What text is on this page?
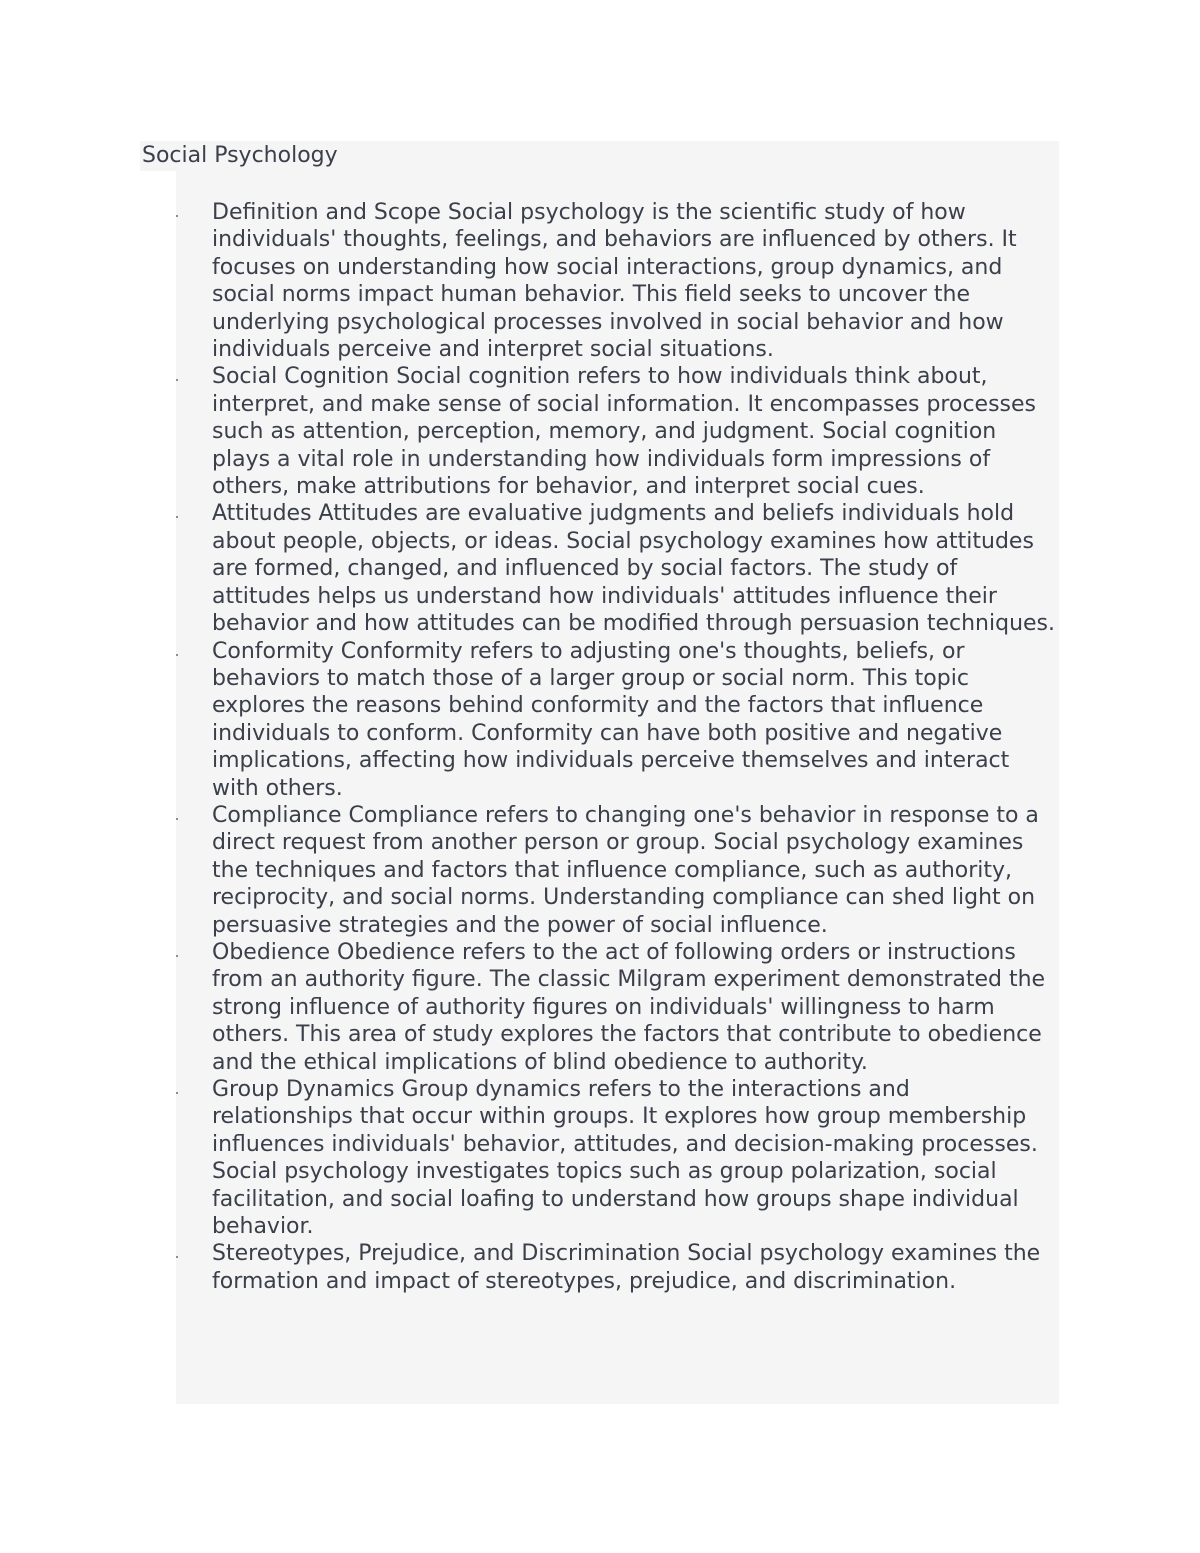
Social Psychology
Definition and Scope Social psychology is the scientific study of how individuals' thoughts, feelings, and behaviors are influenced by others. It focuses on understanding how social interactions, group dynamics, and social norms impact human behavior. This field seeks to uncover the underlying psychological processes involved in social behavior and how individuals perceive and interpret social situations.
Social Cognition Social cognition refers to how individuals think about, interpret, and make sense of social information. It encompasses processes such as attention, perception, memory, and judgment. Social cognition plays a vital role in understanding how individuals form impressions of others, make attributions for behavior, and interpret social cues.
Attitudes Attitudes are evaluative judgments and beliefs individuals hold about people, objects, or ideas. Social psychology examines how attitudes are formed, changed, and influenced by social factors. The study of attitudes helps us understand how individuals' attitudes influence their behavior and how attitudes can be modified through persuasion techniques.
Conformity Conformity refers to adjusting one's thoughts, beliefs, or behaviors to match those of a larger group or social norm. This topic explores the reasons behind conformity and the factors that influence individuals to conform. Conformity can have both positive and negative implications, affecting how individuals perceive themselves and interact with others.
Compliance Compliance refers to changing one's behavior in response to a direct request from another person or group. Social psychology examines the techniques and factors that influence compliance, such as authority, reciprocity, and social norms. Understanding compliance can shed light on persuasive strategies and the power of social influence.
Obedience Obedience refers to the act of following orders or instructions from an authority figure. The classic Milgram experiment demonstrated the strong influence of authority figures on individuals' willingness to harm others. This area of study explores the factors that contribute to obedience and the ethical implications of blind obedience to authority.
Group Dynamics Group dynamics refers to the interactions and relationships that occur within groups. It explores how group membership influences individuals' behavior, attitudes, and decision-making processes. Social psychology investigates topics such as group polarization, social facilitation, and social loafing to understand how groups shape individual behavior.
Stereotypes, Prejudice, and Discrimination Social psychology examines the formation and impact of stereotypes, prejudice, and discrimination.
